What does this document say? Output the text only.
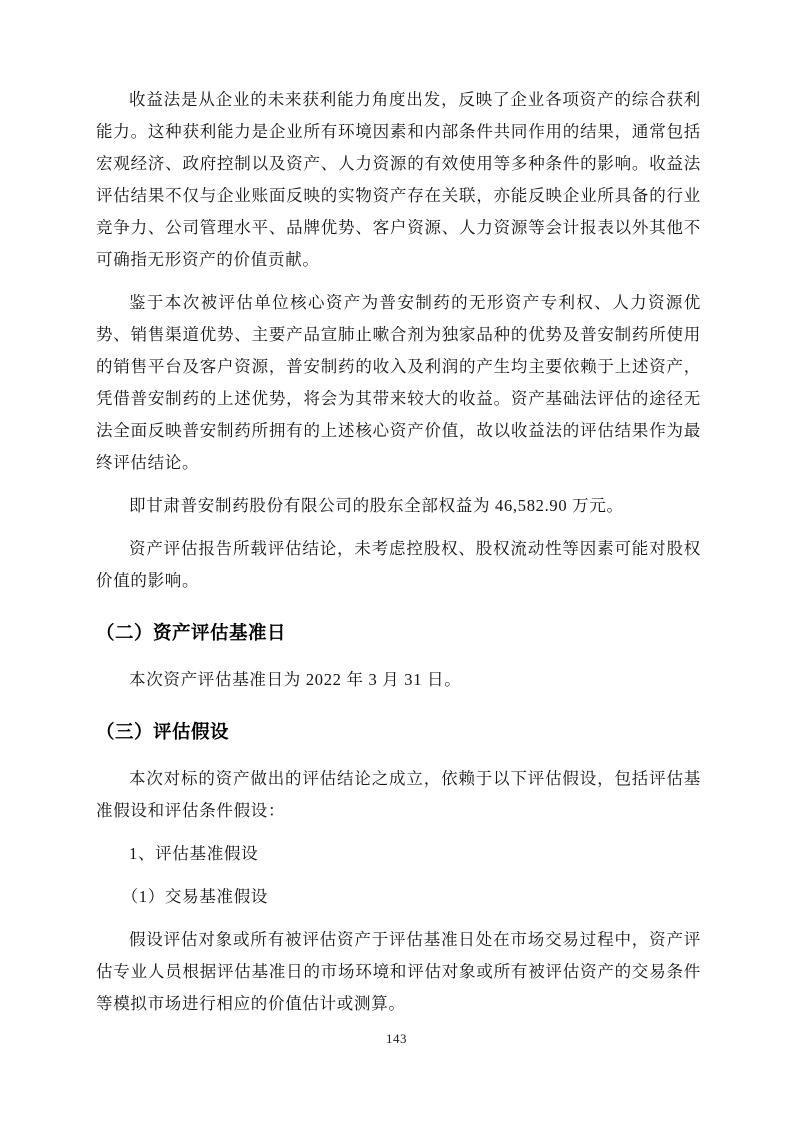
收益法是从企业的未来获利能力角度出发，反映了企业各项资产的综合获利能力。这种获利能力是企业所有环境因素和内部条件共同作用的结果，通常包括宏观经济、政府控制以及资产、人力资源的有效使用等多种条件的影响。收益法评估结果不仅与企业账面反映的实物资产存在关联，亦能反映企业所具备的行业竞争力、公司管理水平、品牌优势、客户资源、人力资源等会计报表以外其他不可确指无形资产的价值贡献。

鉴于本次被评估单位核心资产为普安制药的无形资产专利权、人力资源优势、销售渠道优势、主要产品宣肺止嗽合剂为独家品种的优势及普安制药所使用的销售平台及客户资源，普安制药的收入及利润的产生均主要依赖于上述资产，凭借普安制药的上述优势，将会为其带来较大的收益。资产基础法评估的途径无法全面反映普安制药所拥有的上述核心资产价值，故以收益法的评估结果作为最终评估结论。

即甘肃普安制药股份有限公司的股东全部权益为 46,582.90 万元。

资产评估报告所载评估结论，未考虑控股权、股权流动性等因素可能对股权价值的影响。

（二）资产评估基准日

本次资产评估基准日为 2022 年 3 月 31 日。

（三）评估假设

本次对标的资产做出的评估结论之成立，依赖于以下评估假设，包括评估基准假设和评估条件假设：

1、评估基准假设

（1）交易基准假设

假设评估对象或所有被评估资产于评估基准日处在市场交易过程中，资产评估专业人员根据评估基准日的市场环境和评估对象或所有被评估资产的交易条件等模拟市场进行相应的价值估计或测算。

143
